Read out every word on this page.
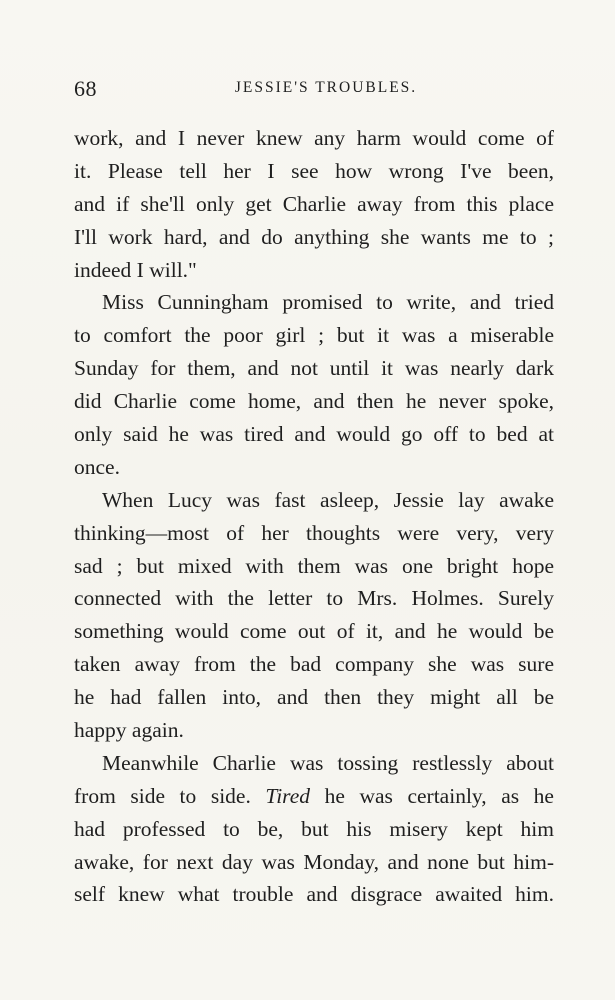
68	JESSIE'S TROUBLES.
work, and I never knew any harm would come of
it. Please tell her I see how wrong I've been,
and if she'll only get Charlie away from this place
I'll work hard, and do anything she wants me to ;
indeed I will."
Miss Cunningham promised to write, and tried
to comfort the poor girl ; but it was a miserable
Sunday for them, and not until it was nearly dark
did Charlie come home, and then he never spoke,
only said he was tired and would go off to bed at
once.
When Lucy was fast asleep, Jessie lay awake
thinking—most of her thoughts were very, very
sad ; but mixed with them was one bright hope
connected with the letter to Mrs. Holmes. Surely
something would come out of it, and he would be
taken away from the bad company she was sure
he had fallen into, and then they might all be
happy again.
Meanwhile Charlie was tossing restlessly about
from side to side. Tired he was certainly, as he
had professed to be, but his misery kept him
awake, for next day was Monday, and none but him-
self knew what trouble and disgrace awaited him.
